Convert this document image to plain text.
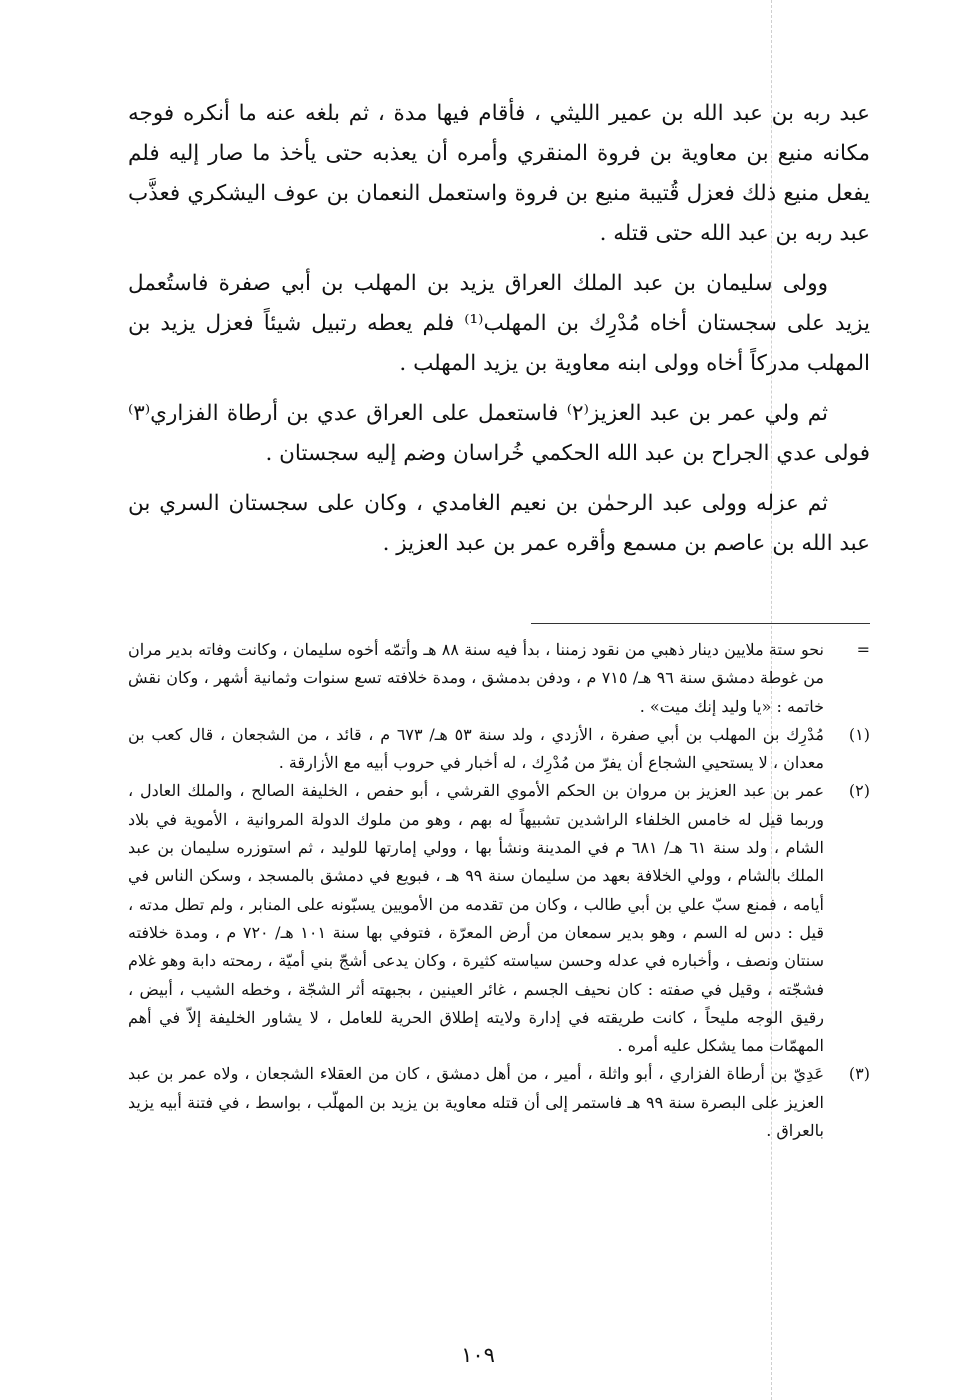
عبد ربه بن عبد الله بن عمير الليثي ، فأقام فيها مدة ، ثم بلغه عنه ما أنكره فوجه مكانه منيع بن معاوية بن فروة المنقري وأمره أن يعذبه حتى يأخذ ما صار إليه فلم يفعل منيع ذلك فعزل قُتيبة منيع بن فروة واستعمل النعمان بن عوف اليشكري فعذَّب عبد ربه بن عبد الله حتى قتله .

وولى سليمان بن عبد الملك العراق يزيد بن المهلب بن أبي صفرة فاستُعمل يزيد على سجستان أخاه مُدْرِك بن المهلب⁽¹⁾ فلم يعطه رتبيل شيئاً فعزل يزيد بن المهلب مدركاً أخاه وولى ابنه معاوية بن يزيد المهلب .

ثم ولي عمر بن عبد العزيز⁽٢⁾ فاستعمل على العراق عدي بن أرطاة الفزاري⁽٣⁾ فولى عدي الجراح بن عبد الله الحكمي خُراسان وضم إليه سجستان .

ثم عزله وولى عبد الرحمٰن بن نعيم الغامدي ، وكان على سجستان السري بن عبد الله بن عاصم بن مسمع وأقره عمر بن عبد العزيز .

=
نحو ستة ملايين دينار ذهبي من نقود زمننا ، بدأ فيه سنة ٨٨ هـ وأتمّه أخوه سليمان ، وكانت وفاته بدير مران من غوطة دمشق سنة ٩٦ هـ/ ٧١٥ م ، ودفن بدمشق ، ومدة خلافته تسع سنوات وثمانية أشهر ، وكان نقش خاتمه : «يا وليد إنك ميت» .
(١)
مُدْرِك بن المهلب بن أبي صفرة ، الأزدي ، ولد سنة ٥٣ هـ/ ٦٧٣ م ، قائد ، من الشجعان ، قال كعب بن معدان ، لا يستحيي الشجاع أن يفرّ من مُدْرِك ، له أخبار في حروب أبيه مع الأزارقة .
(٢)
عمر بن عبد العزيز بن مروان بن الحكم الأموي القرشي ، أبو حفص ، الخليفة الصالح ، والملك العادل ، وربما قيل له خامس الخلفاء الراشدين تشبيهاً له بهم ، وهو من ملوك الدولة المروانية ، الأموية في بلاد الشام ، ولد سنة ٦١ هـ/ ٦٨١ م في المدينة ونشأ بها ، وولي إمارتها للوليد ، ثم استوزره سليمان بن عبد الملك بالشام ، وولي الخلافة بعهد من سليمان سنة ٩٩ هـ ، فبويع في دمشق بالمسجد ، وسكن الناس في أيامه ، فمنع سبّ علي بن أبي طالب ، وكان من تقدمه من الأمويين يسبّونه على المنابر ، ولم تطل مدته ، قيل : دس له السم ، وهو بدير سمعان من أرض المعرّة ، فتوفي بها سنة ١٠١ هـ/ ٧٢٠ م ، ومدة خلافته سنتان ونصف ، وأخباره في عدله وحسن سياسته كثيرة ، وكان يدعى أشجّ بني أميّة ، رمحته دابة وهو غلام فشجّته ، وقيل في صفته : كان نحيف الجسم ، غائر العينين ، بجبهته أثر الشجّة ، وخطه الشيب ، أبيض ، رقيق الوجه مليحاً ، كانت طريقته في إدارة ولايته إطلاق الحرية للعامل ، لا يشاور الخليفة إلاّ في أهم المهمّات مما يشكل عليه أمره .
(٣)
عَدِيّ بن أرطاة الفزاري ، أبو واثلة ، أمير ، من أهل دمشق ، كان من العقلاء الشجعان ، ولاه عمر بن عبد العزيز على البصرة سنة ٩٩ هـ فاستمر إلى أن قتله معاوية بن يزيد بن المهلّب ، بواسط ، في فتنة أبيه يزيد بالعراق .
١٠٩
